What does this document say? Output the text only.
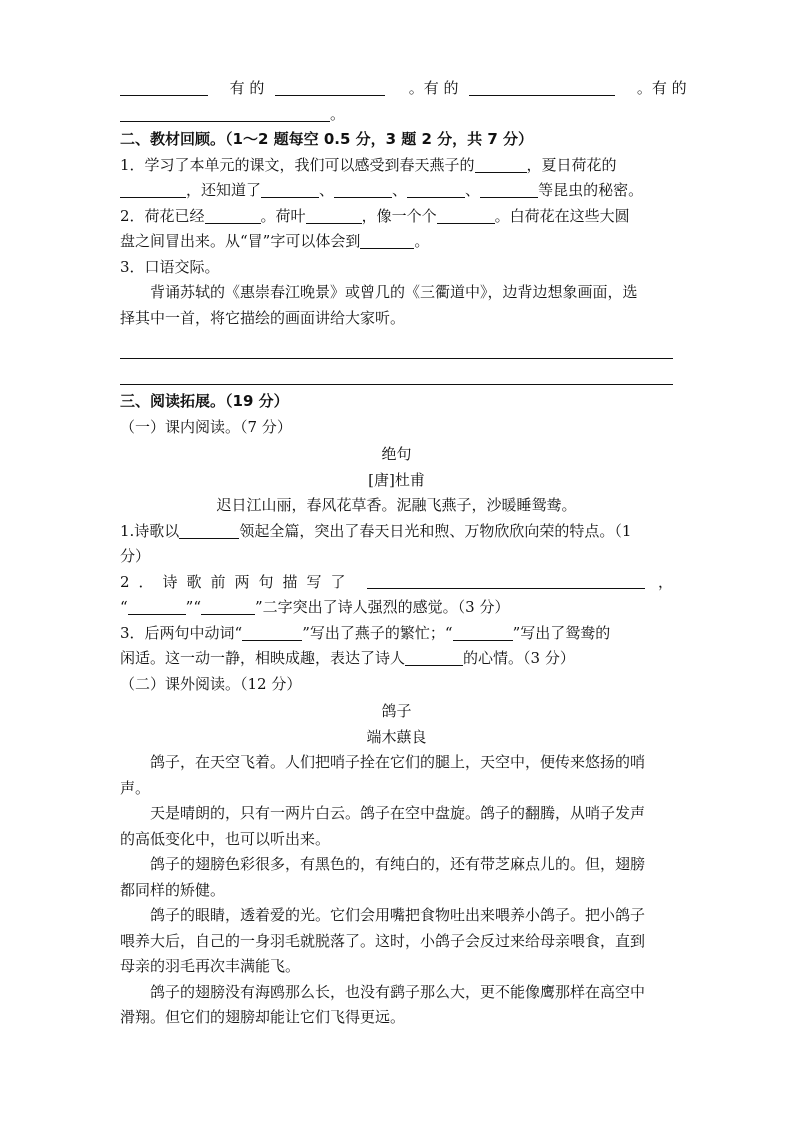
有 的	。有 的	。有 的
。
二、教材回顾。（1～2 题每空 0.5 分，3 题 2 分，共 7 分）
1．学习了本单元的课文，我们可以感受到春天燕子的	，夏日荷花的
，还知道了	、	、	、	等昆虫的秘密。
2．荷花已经	。荷叶	，像一个个	。白荷花在这些大圆
盘之间冒出来。从“冒”字可以体会到	。
3．口语交际。
背诵苏轼的《惠崇春江晚景》或曾几的《三衢道中》，边背边想象画面，选
择其中一首，将它描绘的画面讲给大家听。
三、阅读拓展。（19 分）
（一）课内阅读。（7 分）
绝句
[唐]杜甫
迟日江山丽，春风花草香。泥融飞燕子，沙暖睡鸳鸯。
1.诗歌以	领起全篇，突出了春天日光和煦、万物欣欣向荣的特点。（1
分）
2．诗歌前两句描写了	，
“	”“	”二字突出了诗人强烈的感觉。（3 分）
3．后两句中动词“	”写出了燕子的繁忙；“	”写出了鸳鸯的
闲适。这一动一静，相映成趣，表达了诗人	的心情。（3 分）
（二）课外阅读。（12 分）
鸽子
端木蕻良
鸽子，在天空飞着。人们把哨子拴在它们的腿上，天空中，便传来悠扬的哨
声。
天是晴朗的，只有一两片白云。鸽子在空中盘旋。鸽子的翻腾，从哨子发声
的高低变化中，也可以听出来。
鸽子的翅膀色彩很多，有黑色的，有纯白的，还有带芝麻点儿的。但，翅膀
都同样的矫健。
鸽子的眼睛，透着爱的光。它们会用嘴把食物吐出来喂养小鸽子。把小鸽子
喂养大后，自己的一身羽毛就脱落了。这时，小鸽子会反过来给母亲喂食，直到
母亲的羽毛再次丰满能飞。
鸽子的翅膀没有海鸥那么长，也没有鹞子那么大，更不能像鹰那样在高空中
滑翔。但它们的翅膀却能让它们飞得更远。
